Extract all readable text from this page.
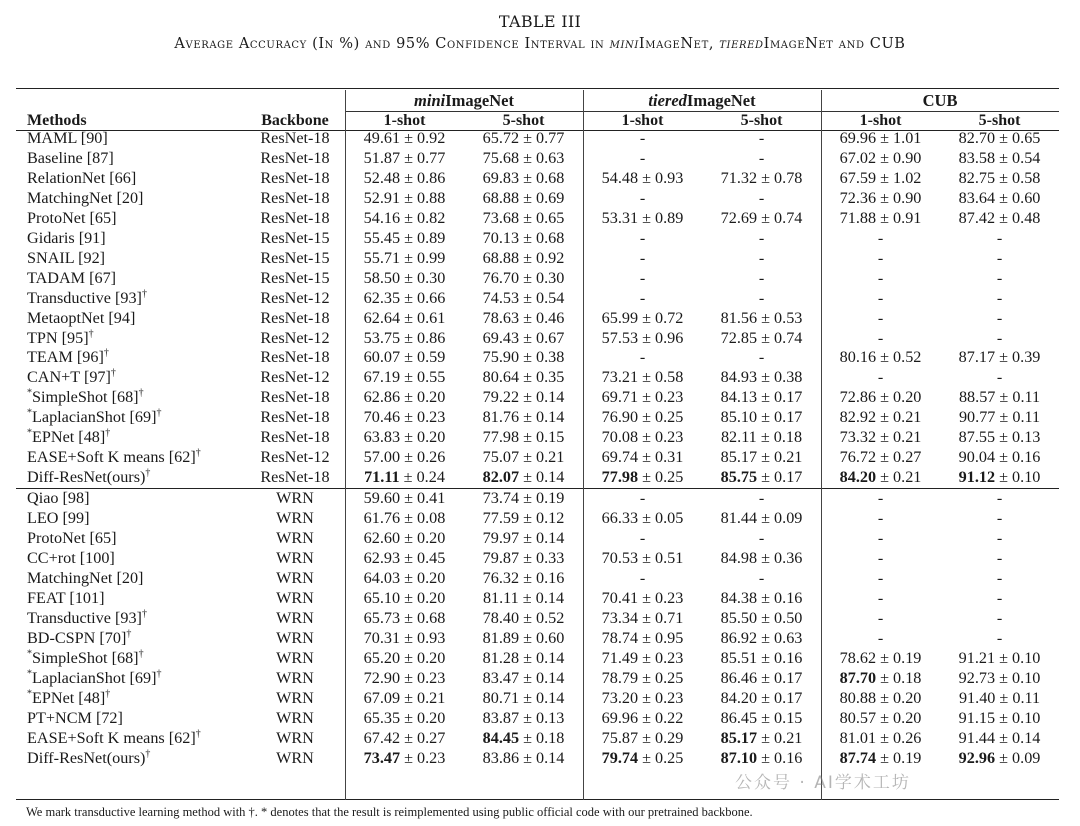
TABLE III
Average Accuracy (In %) and 95% Confidence Interval in miniImageNet, tieredImageNet and CUB
		miniImageNet		tieredImageNet		CUB	
Methods	Backbone	1-shot	5-shot	1-shot	5-shot	1-shot	5-shot
MAML [90]	ResNet-18	49.61 ± 0.92	65.72 ± 0.77	-	-	69.96 ± 1.01	82.70 ± 0.65
Baseline [87]	ResNet-18	51.87 ± 0.77	75.68 ± 0.63	-	-	67.02 ± 0.90	83.58 ± 0.54
RelationNet [66]	ResNet-18	52.48 ± 0.86	69.83 ± 0.68	54.48 ± 0.93	71.32 ± 0.78	67.59 ± 1.02	82.75 ± 0.58
MatchingNet [20]	ResNet-18	52.91 ± 0.88	68.88 ± 0.69	-	-	72.36 ± 0.90	83.64 ± 0.60
ProtoNet [65]	ResNet-18	54.16 ± 0.82	73.68 ± 0.65	53.31 ± 0.89	72.69 ± 0.74	71.88 ± 0.91	87.42 ± 0.48
Gidaris [91]	ResNet-15	55.45 ± 0.89	70.13 ± 0.68	-	-	-	-
SNAIL [92]	ResNet-15	55.71 ± 0.99	68.88 ± 0.92	-	-	-	-
TADAM [67]	ResNet-15	58.50 ± 0.30	76.70 ± 0.30	-	-	-	-
Transductive [93]†	ResNet-12	62.35 ± 0.66	74.53 ± 0.54	-	-	-	-
MetaoptNet [94]	ResNet-18	62.64 ± 0.61	78.63 ± 0.46	65.99 ± 0.72	81.56 ± 0.53	-	-
TPN [95]†	ResNet-12	53.75 ± 0.86	69.43 ± 0.67	57.53 ± 0.96	72.85 ± 0.74	-	-
TEAM [96]†	ResNet-18	60.07 ± 0.59	75.90 ± 0.38	-	-	80.16 ± 0.52	87.17 ± 0.39
CAN+T [97]†	ResNet-12	67.19 ± 0.55	80.64 ± 0.35	73.21 ± 0.58	84.93 ± 0.38	-	-
*SimpleShot [68]†	ResNet-18	62.86 ± 0.20	79.22 ± 0.14	69.71 ± 0.23	84.13 ± 0.17	72.86 ± 0.20	88.57 ± 0.11
*LaplacianShot [69]†	ResNet-18	70.46 ± 0.23	81.76 ± 0.14	76.90 ± 0.25	85.10 ± 0.17	82.92 ± 0.21	90.77 ± 0.11
*EPNet [48]†	ResNet-18	63.83 ± 0.20	77.98 ± 0.15	70.08 ± 0.23	82.11 ± 0.18	73.32 ± 0.21	87.55 ± 0.13
EASE+Soft K means [62]†	ResNet-12	57.00 ± 0.26	75.07 ± 0.21	69.74 ± 0.31	85.17 ± 0.21	76.72 ± 0.27	90.04 ± 0.16
Diff-ResNet(ours)†	ResNet-18	71.11 ± 0.24	82.07 ± 0.14	77.98 ± 0.25	85.75 ± 0.17	84.20 ± 0.21	91.12 ± 0.10
Qiao [98]	WRN	59.60 ± 0.41	73.74 ± 0.19	-	-	-	-
LEO [99]	WRN	61.76 ± 0.08	77.59 ± 0.12	66.33 ± 0.05	81.44 ± 0.09	-	-
ProtoNet [65]	WRN	62.60 ± 0.20	79.97 ± 0.14	-	-	-	-
CC+rot [100]	WRN	62.93 ± 0.45	79.87 ± 0.33	70.53 ± 0.51	84.98 ± 0.36	-	-
MatchingNet [20]	WRN	64.03 ± 0.20	76.32 ± 0.16	-	-	-	-
FEAT [101]	WRN	65.10 ± 0.20	81.11 ± 0.14	70.41 ± 0.23	84.38 ± 0.16	-	-
Transductive [93]†	WRN	65.73 ± 0.68	78.40 ± 0.52	73.34 ± 0.71	85.50 ± 0.50	-	-
BD-CSPN [70]†	WRN	70.31 ± 0.93	81.89 ± 0.60	78.74 ± 0.95	86.92 ± 0.63	-	-
*SimpleShot [68]†	WRN	65.20 ± 0.20	81.28 ± 0.14	71.49 ± 0.23	85.51 ± 0.16	78.62 ± 0.19	91.21 ± 0.10
*LaplacianShot [69]†	WRN	72.90 ± 0.23	83.47 ± 0.14	78.79 ± 0.25	86.46 ± 0.17	87.70 ± 0.18	92.73 ± 0.10
*EPNet [48]†	WRN	67.09 ± 0.21	80.71 ± 0.14	73.20 ± 0.23	84.20 ± 0.17	80.88 ± 0.20	91.40 ± 0.11
PT+NCM [72]	WRN	65.35 ± 0.20	83.87 ± 0.13	69.96 ± 0.22	86.45 ± 0.15	80.57 ± 0.20	91.15 ± 0.10
EASE+Soft K means [62]†	WRN	67.42 ± 0.27	84.45 ± 0.18	75.87 ± 0.29	85.17 ± 0.21	81.01 ± 0.26	91.44 ± 0.14
Diff-ResNet(ours)†	WRN	73.47 ± 0.23	83.86 ± 0.14	79.74 ± 0.25	87.10 ± 0.16	87.74 ± 0.19	92.96 ± 0.09
We mark transductive learning method with †. * denotes that the result is reimplemented using public official code with our pretrained backbone.
公众号 · AI学术工坊
